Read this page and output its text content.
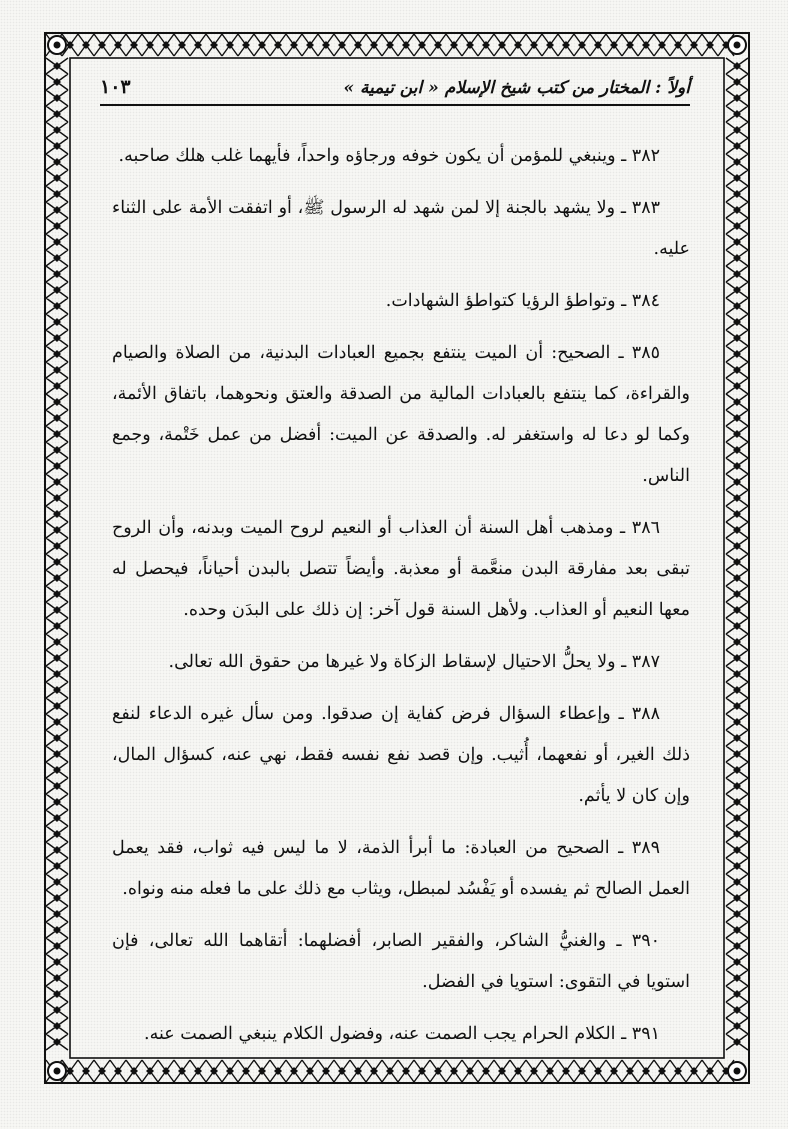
أولاً : المختار من كتب شيخ الإسلام « ابن تيمية »
١٠٣

٣٨٢ ـ وينبغي للمؤمن أن يكون خوفه ورجاؤه واحداً، فأيهما غلب هلك صاحبه.

٣٨٣ ـ ولا يشهد بالجنة إلا لمن شهد له الرسول ﷺ، أو اتفقت الأمة على الثناء عليه.

٣٨٤ ـ وتواطؤ الرؤيا كتواطؤ الشهادات.

٣٨٥ ـ الصحيح: أن الميت ينتفع بجميع العبادات البدنية، من الصلاة والصيام والقراءة، كما ينتفع بالعبادات المالية من الصدقة والعتق ونحوهما، باتفاق الأئمة، وكما لو دعا له واستغفر له. والصدقة عن الميت: أفضل من عمل خَتْمة، وجمع الناس.

٣٨٦ ـ ومذهب أهل السنة أن العذاب أو النعيم لروح الميت وبدنه، وأن الروح تبقى بعد مفارقة البدن منعَّمة أو معذبة. وأيضاً تتصل بالبدن أحياناً، فيحصل له معها النعيم أو العذاب. ولأهل السنة قول آخر: إن ذلك على البدَن وحده.

٣٨٧ ـ ولا يحلُّ الاحتيال لإسقاط الزكاة ولا غيرها من حقوق الله تعالى.

٣٨٨ ـ وإعطاء السؤال فرض كفاية إن صدقوا. ومن سأل غيره الدعاء لنفع ذلك الغير، أو نفعهما، أُثيب. وإن قصد نفع نفسه فقط، نهي عنه، كسؤال المال، وإن كان لا يأثم.

٣٨٩ ـ الصحيح من العبادة: ما أبرأ الذمة، لا ما ليس فيه ثواب، فقد يعمل العمل الصالح ثم يفسده أو يَفْسُد لمبطل، ويثاب مع ذلك على ما فعله منه ونواه.

٣٩٠ ـ والغنيُّ الشاكر، والفقير الصابر، أفضلهما: أتقاهما الله تعالى، فإن استويا في التقوى: استويا في الفضل.

٣٩١ ـ الكلام الحرام يجب الصمت عنه، وفضول الكلام ينبغي الصمت عنه.
